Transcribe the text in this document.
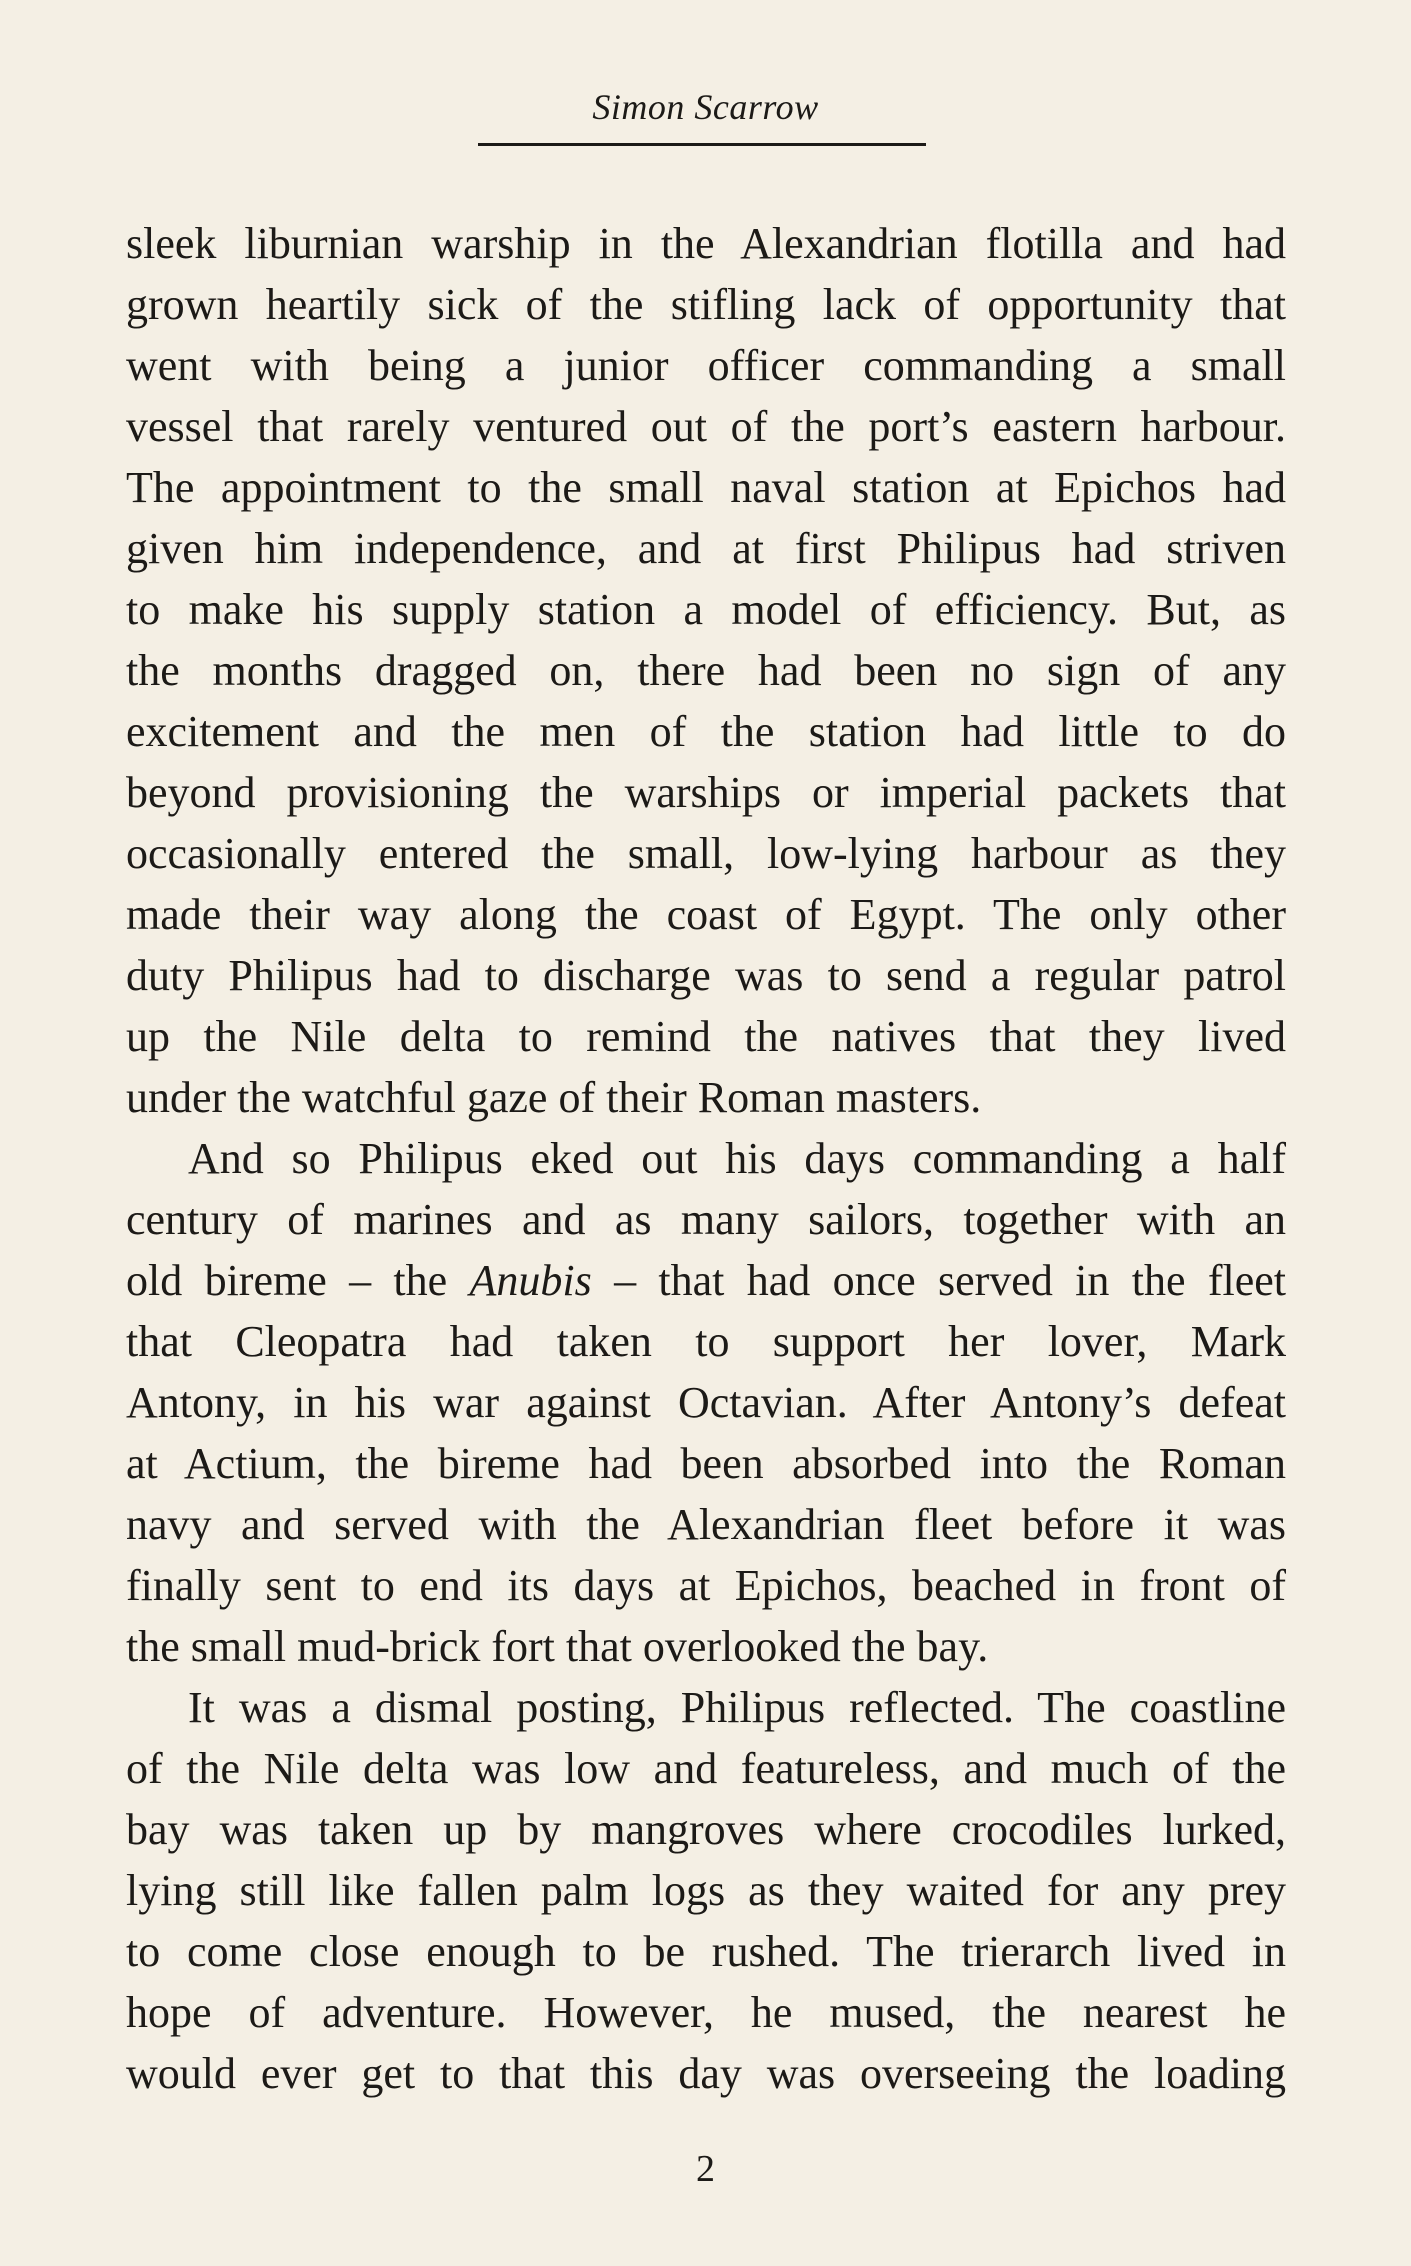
Simon Scarrow
sleek liburnian warship in the Alexandrian flotilla and had
grown heartily sick of the stifling lack of opportunity that
went with being a junior officer commanding a small
vessel that rarely ventured out of the port’s eastern harbour.
The appointment to the small naval station at Epichos had
given him independence, and at first Philipus had striven
to make his supply station a model of efficiency. But, as
the months dragged on, there had been no sign of any
excitement and the men of the station had little to do
beyond provisioning the warships or imperial packets that
occasionally entered the small, low-lying harbour as they
made their way along the coast of Egypt. The only other
duty Philipus had to discharge was to send a regular patrol
up the Nile delta to remind the natives that they lived
under the watchful gaze of their Roman masters.
And so Philipus eked out his days commanding a half
century of marines and as many sailors, together with an
old bireme – the Anubis – that had once served in the fleet
that Cleopatra had taken to support her lover, Mark
Antony, in his war against Octavian. After Antony’s defeat
at Actium, the bireme had been absorbed into the Roman
navy and served with the Alexandrian fleet before it was
finally sent to end its days at Epichos, beached in front of
the small mud-brick fort that overlooked the bay.
It was a dismal posting, Philipus reflected. The coastline
of the Nile delta was low and featureless, and much of the
bay was taken up by mangroves where crocodiles lurked,
lying still like fallen palm logs as they waited for any prey
to come close enough to be rushed. The trierarch lived in
hope of adventure. However, he mused, the nearest he
would ever get to that this day was overseeing the loading
2
